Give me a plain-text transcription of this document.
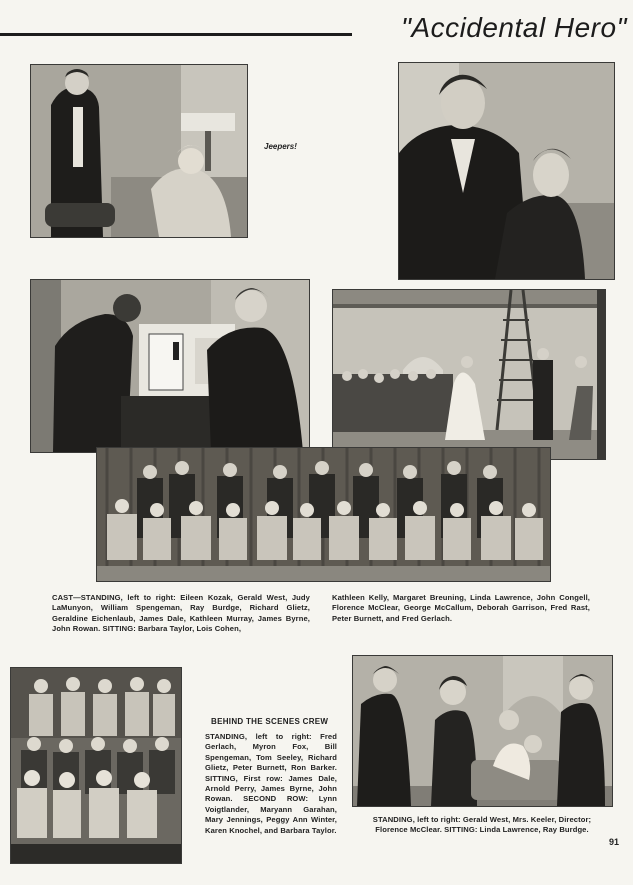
"Accidental Hero"
Jeepers!
CAST—STANDING, left to right: Eileen Kozak, Gerald West, Judy LaMunyon, William Spengeman, Ray Burdge, Richard Glietz, Geraldine Eichenlaub, James Dale, Kathleen Murray, James Byrne, John Rowan. SITTING: Barbara Taylor, Lois Cohen,
Kathleen Kelly, Margaret Breuning, Linda Lawrence, John Congell, Florence McClear, George McCallum, Deborah Garrison, Fred Rast, Peter Burnett, and Fred Gerlach.
BEHIND THE SCENES CREW
STANDING, left to right: Fred Gerlach, Myron Fox, Bill Spengeman, Tom Seeley, Richard Glietz, Peter Burnett, Ron Barker. SITTING, First row: James Dale, Arnold Perry, James Byrne, John Rowan. SECOND ROW: Lynn Voigtlander, Maryann Garahan, Mary Jennings, Peggy Ann Winter, Karen Knochel, and Barbara Taylor.
STANDING, left to right: Gerald West, Mrs. Keeler, Director; Florence McClear. SITTING: Linda Lawrence, Ray Burdge.
91
